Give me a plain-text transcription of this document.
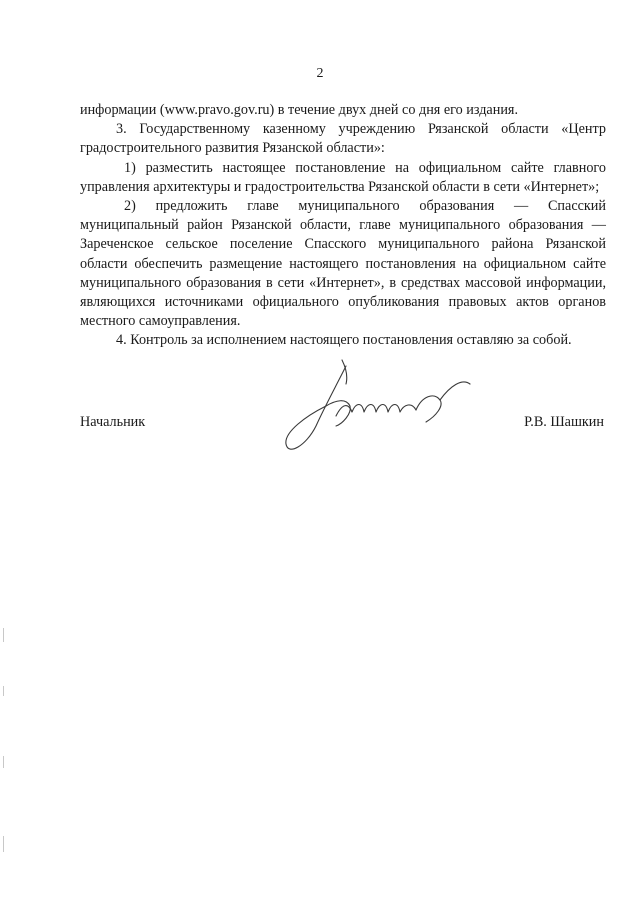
2

информации (www.pravo.gov.ru) в течение двух дней со дня его издания.

3. Государственному казенному учреждению Рязанской области «Центр градостроительного развития Рязанской области»:

1) разместить настоящее постановление на официальном сайте главного управления архитектуры и градостроительства Рязанской области в сети «Интернет»;

2) предложить главе муниципального образования — Спасский муниципальный район Рязанской области, главе муниципального образования — Зареченское сельское поселение Спасского муниципального района Рязанской области обеспечить размещение настоящего постановления на официальном сайте муниципального образования в сети «Интернет», в средствах массовой информации, являющихся источниками официального опубликования правовых актов органов местного самоуправления.

4. Контроль за исполнением настоящего постановления оставляю за собой.

Начальник	Р.В. Шашкин
